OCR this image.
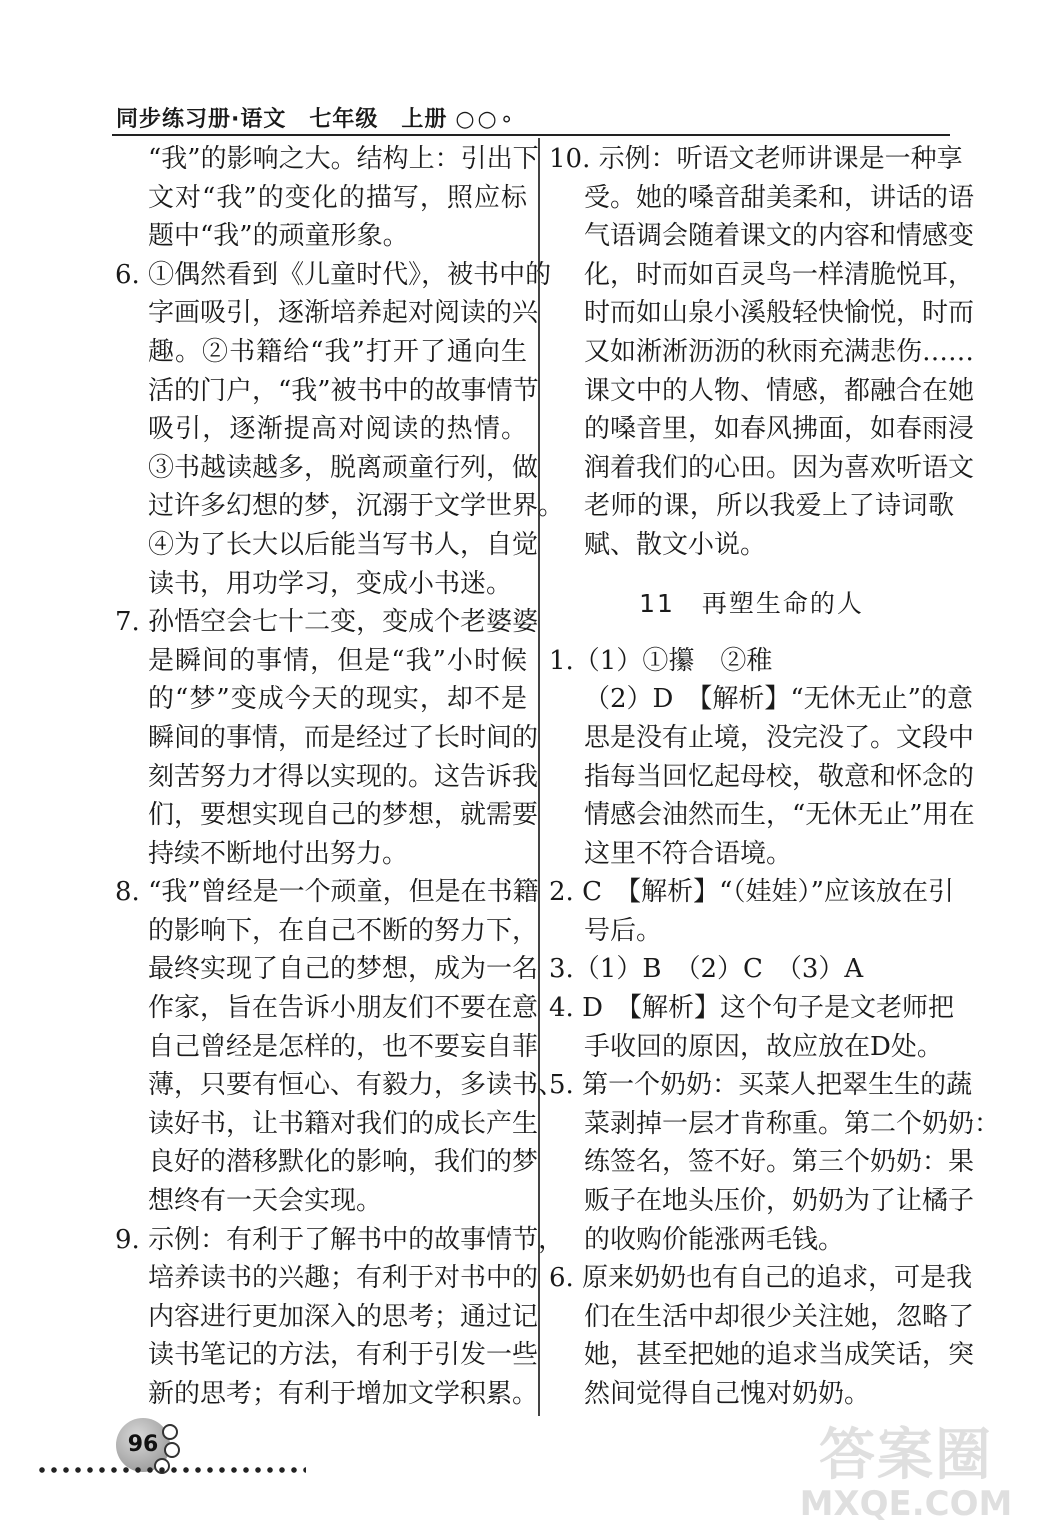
同步练习册·语文　七年级　上册 ○○∘
“我”的影响之大。结构上：引出下
文对“我”的变化的描写，照应标
题中“我”的顽童形象。
6. ①偶然看到《儿童时代》，被书中的
字画吸引，逐渐培养起对阅读的兴
趣。②书籍给“我”打开了通向生
活的门户，“我”被书中的故事情节
吸引，逐渐提高对阅读的热情。
③书越读越多，脱离顽童行列，做
过许多幻想的梦，沉溺于文学世界。
④为了长大以后能当写书人，自觉
读书，用功学习，变成小书迷。
7. 孙悟空会七十二变，变成个老婆婆
是瞬间的事情，但是“我”小时候
的“梦”变成今天的现实，却不是
瞬间的事情，而是经过了长时间的
刻苦努力才得以实现的。这告诉我
们，要想实现自己的梦想，就需要
持续不断地付出努力。
8. “我”曾经是一个顽童，但是在书籍
的影响下，在自己不断的努力下，
最终实现了自己的梦想，成为一名
作家，旨在告诉小朋友们不要在意
自己曾经是怎样的，也不要妄自菲
薄，只要有恒心、有毅力，多读书、
读好书，让书籍对我们的成长产生
良好的潜移默化的影响，我们的梦
想终有一天会实现。
9. 示例：有利于了解书中的故事情节，
培养读书的兴趣；有利于对书中的
内容进行更加深入的思考；通过记
读书笔记的方法，有利于引发一些
新的思考；有利于增加文学积累。
10. 示例：听语文老师讲课是一种享
受。她的嗓音甜美柔和，讲话的语
气语调会随着课文的内容和情感变
化，时而如百灵鸟一样清脆悦耳，
时而如山泉小溪般轻快愉悦，时而
又如淅淅沥沥的秋雨充满悲伤……
课文中的人物、情感，都融合在她
的嗓音里，如春风拂面，如春雨浸
润着我们的心田。因为喜欢听语文
老师的课，所以我爱上了诗词歌
赋、散文小说。
11　再塑生命的人
1.（1）①攥　②稚
（2）D　【解析】“无休无止”的意
思是没有止境，没完没了。文段中
指每当回忆起母校，敬意和怀念的
情感会油然而生，“无休无止”用在
这里不符合语境。
2. C　【解析】“（娃娃）”应该放在引
号后。
3.（1）B　（2）C　（3）A
4. D　【解析】这个句子是文老师把
手收回的原因，故应放在D处。
5. 第一个奶奶：买菜人把翠生生的蔬
菜剥掉一层才肯称重。第二个奶奶：
练签名，签不好。第三个奶奶：果
贩子在地头压价，奶奶为了让橘子
的收购价能涨两毛钱。
6. 原来奶奶也有自己的追求，可是我
们在生活中却很少关注她，忽略了
她，甚至把她的追求当成笑话，突
然间觉得自己愧对奶奶。
96	答案圈
MXQE.COM
